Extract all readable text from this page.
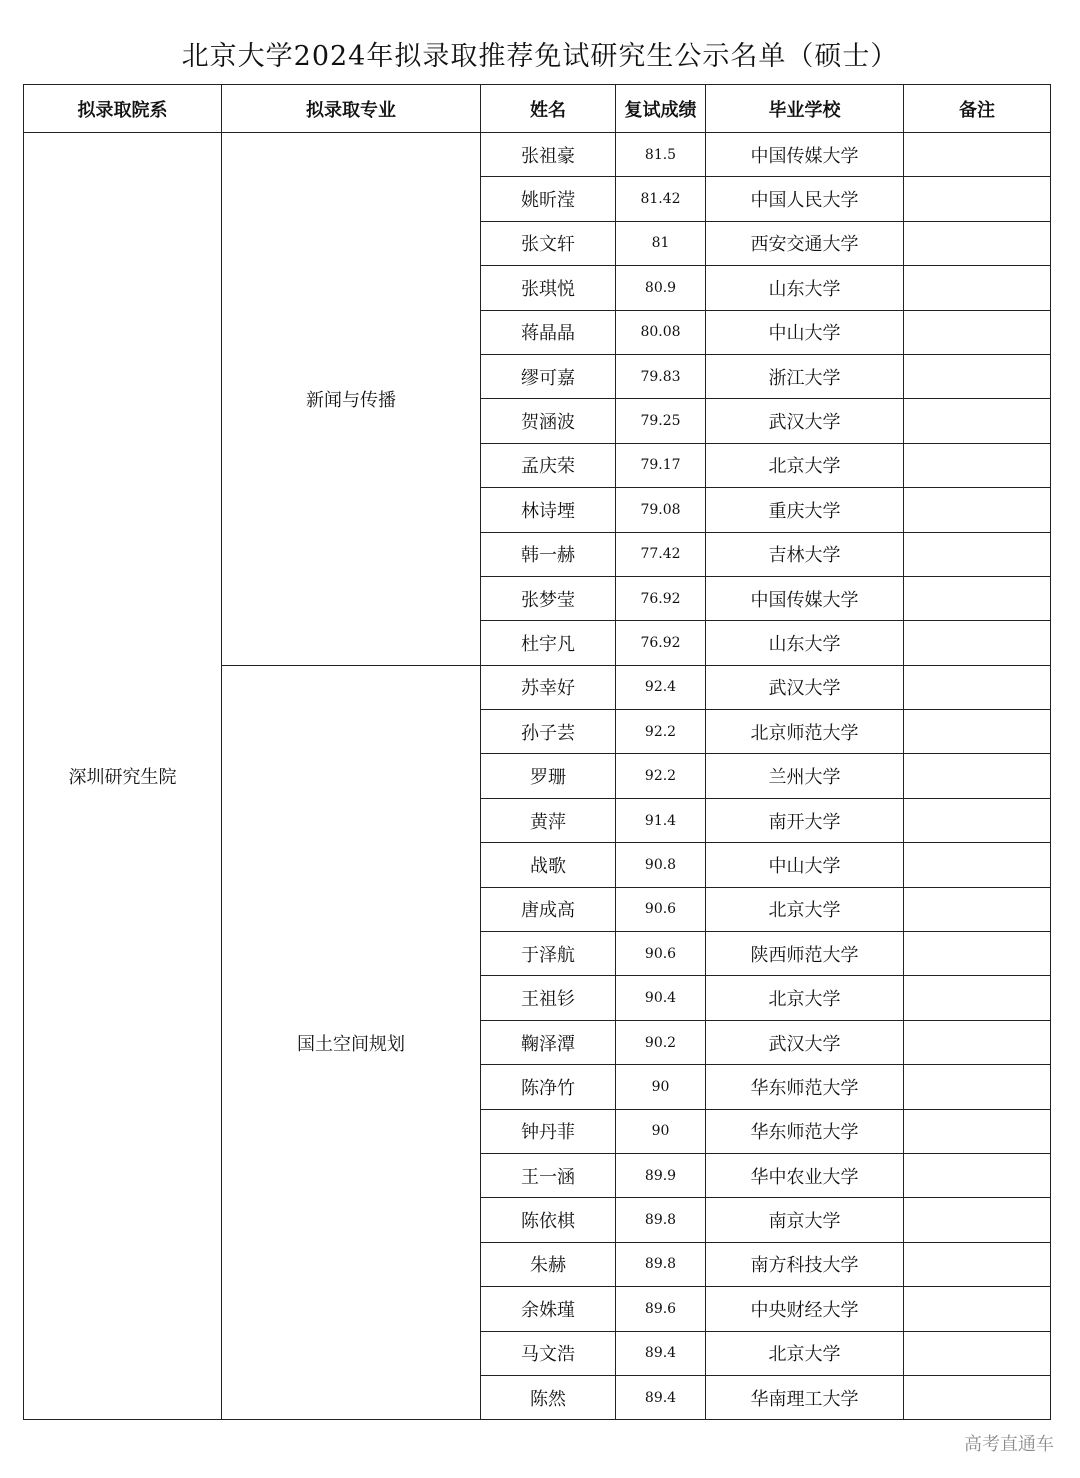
北京大学2024年拟录取推荐免试研究生公示名单（硕士）
拟录取院系	拟录取专业	姓名	复试成绩	毕业学校	备注
深圳研究生院	新闻与传播	张祖豪	81.5	中国传媒大学	
		姚昕滢	81.42	中国人民大学	
		张文轩	81	西安交通大学	
		张琪悦	80.9	山东大学	
		蒋晶晶	80.08	中山大学	
		缪可嘉	79.83	浙江大学	
		贺涵波	79.25	武汉大学	
		孟庆荣	79.17	北京大学	
		林诗堙	79.08	重庆大学	
		韩一赫	77.42	吉林大学	
		张梦莹	76.92	中国传媒大学	
		杜宇凡	76.92	山东大学	
	国土空间规划	苏幸好	92.4	武汉大学	
		孙子芸	92.2	北京师范大学	
		罗珊	92.2	兰州大学	
		黄萍	91.4	南开大学	
		战歌	90.8	中山大学	
		唐成高	90.6	北京大学	
		于泽航	90.6	陕西师范大学	
		王祖钐	90.4	北京大学	
		鞠泽潭	90.2	武汉大学	
		陈净竹	90	华东师范大学	
		钟丹菲	90	华东师范大学	
		王一涵	89.9	华中农业大学	
		陈依棋	89.8	南京大学	
		朱赫	89.8	南方科技大学	
		余姝瑾	89.6	中央财经大学	
		马文浩	89.4	北京大学	
		陈然	89.4	华南理工大学	
高考直通车
